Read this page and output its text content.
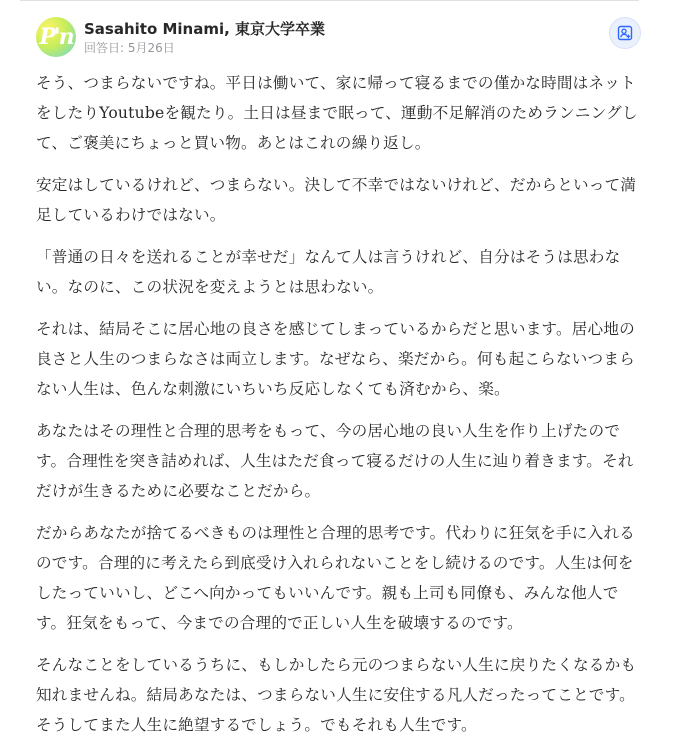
P'n Sasahito Minami, 東京大学卒業
回答日: 5月26日

そう、つまらないですね。平日は働いて、家に帰って寝るまでの僅かな時間はネットをしたりYoutubeを観たり。土日は昼まで眠って、運動不足解消のためランニングして、ご褒美にちょっと買い物。あとはこれの繰り返し。

安定はしているけれど、つまらない。決して不幸ではないけれど、だからといって満足しているわけではない。

「普通の日々を送れることが幸せだ」なんて人は言うけれど、自分はそうは思わない。なのに、この状況を変えようとは思わない。

それは、結局そこに居心地の良さを感じてしまっているからだと思います。居心地の良さと人生のつまらなさは両立します。なぜなら、楽だから。何も起こらないつまらない人生は、色んな刺激にいちいち反応しなくても済むから、楽。

あなたはその理性と合理的思考をもって、今の居心地の良い人生を作り上げたのです。合理性を突き詰めれば、人生はただ食って寝るだけの人生に辿り着きます。それだけが生きるために必要なことだから。

だからあなたが捨てるべきものは理性と合理的思考です。代わりに狂気を手に入れるのです。合理的に考えたら到底受け入れられないことをし続けるのです。人生は何をしたっていいし、どこへ向かってもいいんです。親も上司も同僚も、みんな他人です。狂気をもって、今までの合理的で正しい人生を破壊するのです。

そんなことをしているうちに、もしかしたら元のつまらない人生に戻りたくなるかも知れませんね。結局あなたは、つまらない人生に安住する凡人だったってことです。そうしてまた人生に絶望するでしょう。でもそれも人生です。
